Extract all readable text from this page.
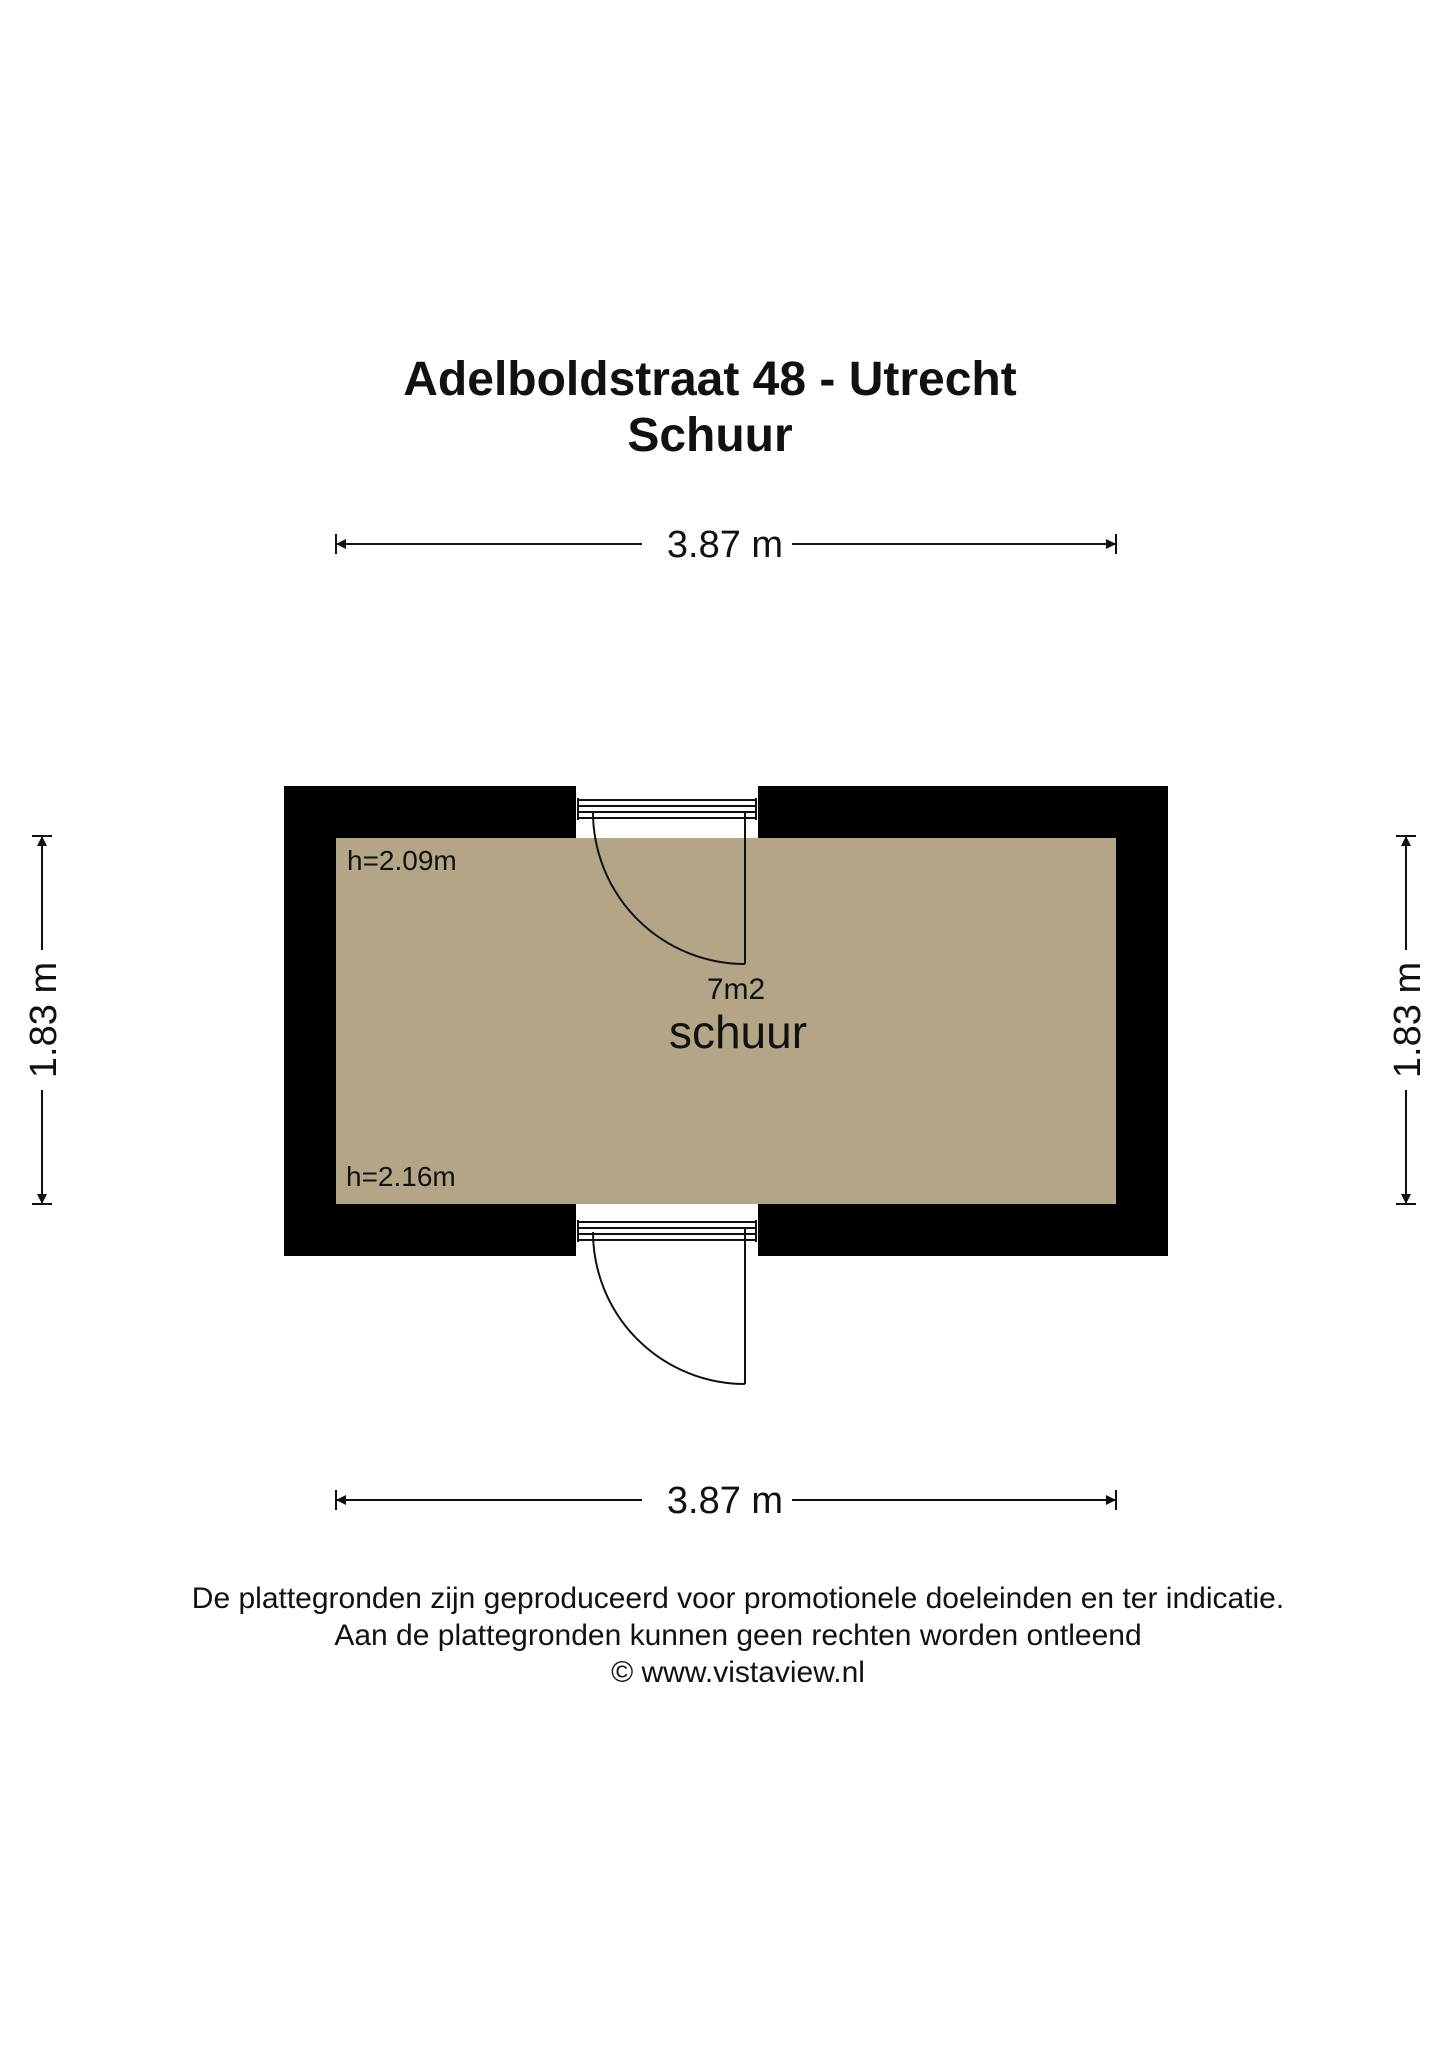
Adelboldstraat 48 - Utrecht
Schuur
3.87 m
3.87 m
1.83 m	1.83 m
h=2.09m
h=2.16m
7m2
schuur
De plattegronden zijn geproduceerd voor promotionele doeleinden en ter indicatie.
Aan de plattegronden kunnen geen rechten worden ontleend
© www.vistaview.nl
